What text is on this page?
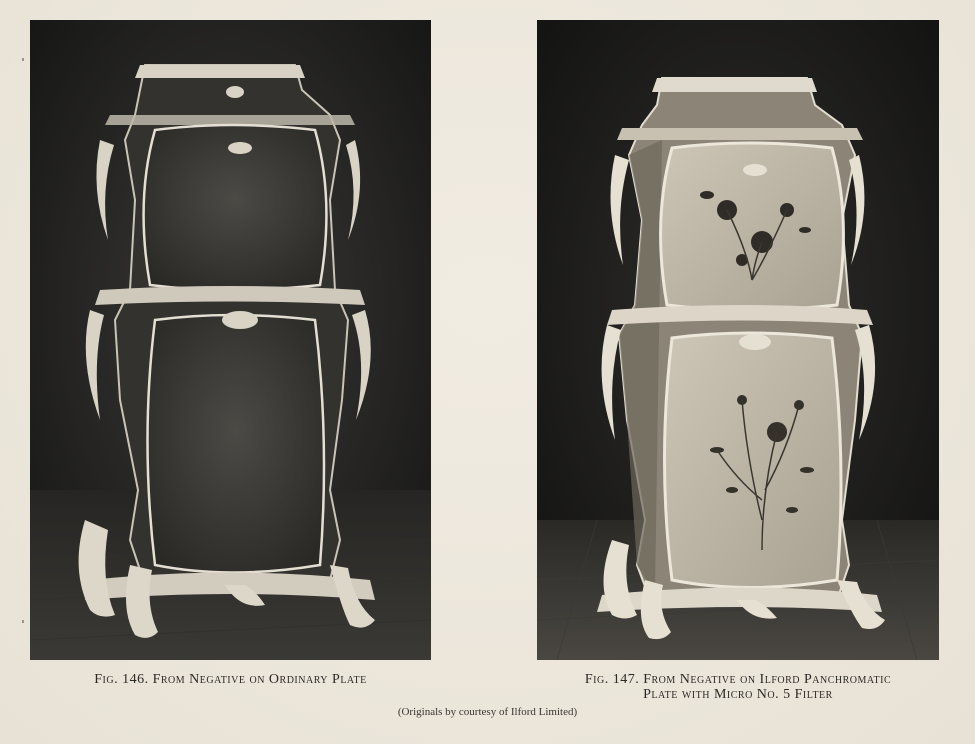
Fig. 146. From Negative on Ordinary Plate	Fig. 147. From Negative on Ilford Panchromatic
Plate with Micro No. 5 Filter
(Originals by courtesy of Ilford Limited)
